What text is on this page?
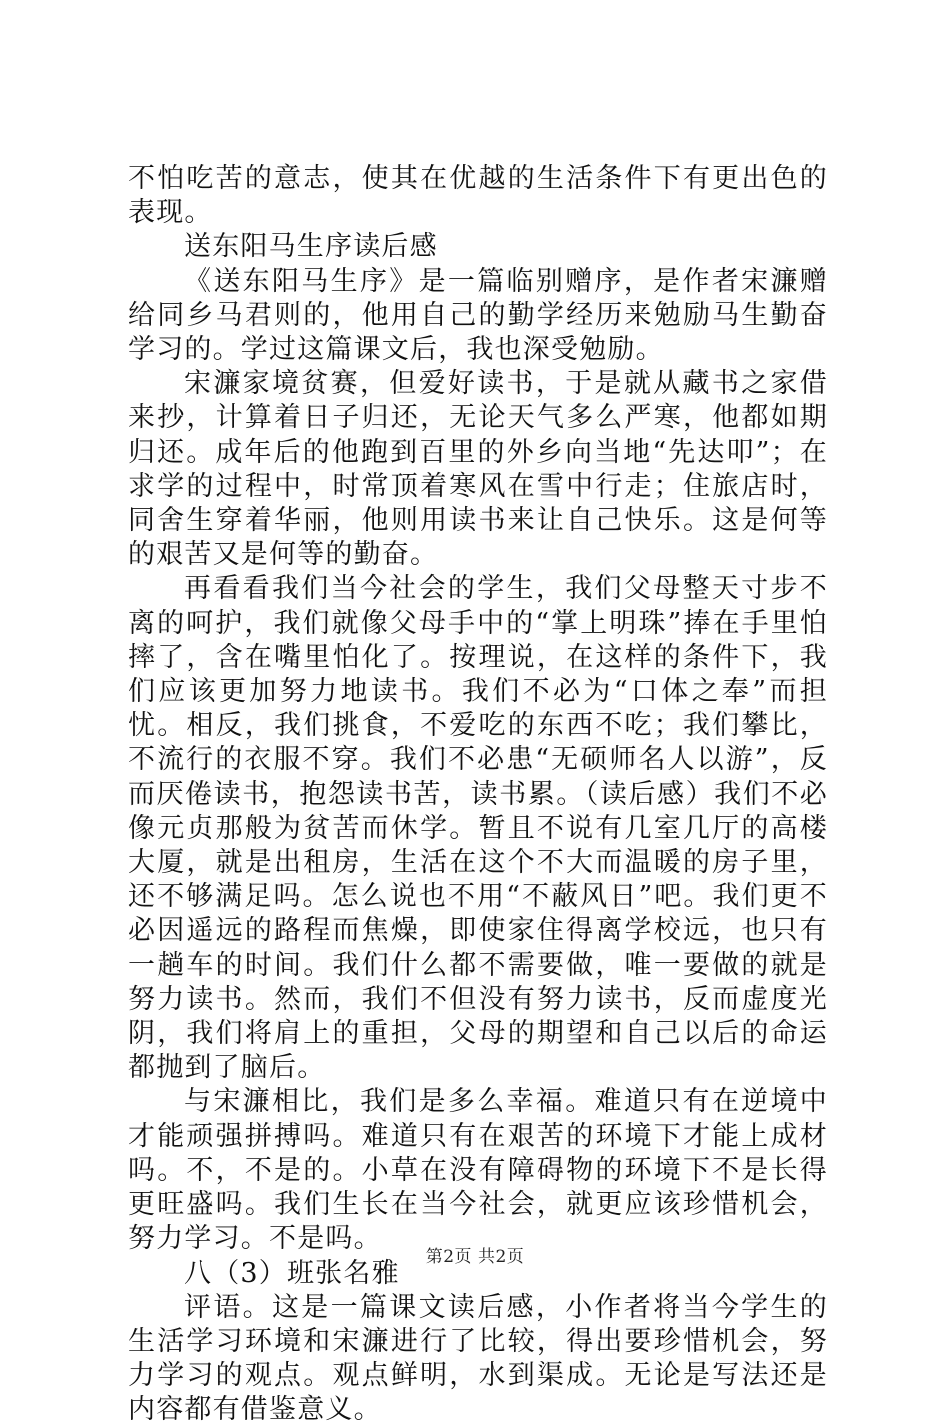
不怕吃苦的意志，使其在优越的生活条件下有更出色的表现。

送东阳马生序读后感

《送东阳马生序》是一篇临别赠序，是作者宋濂赠给同乡马君则的，他用自己的勤学经历来勉励马生勤奋学习的。学过这篇课文后，我也深受勉励。

宋濂家境贫赛，但爱好读书，于是就从藏书之家借来抄，计算着日子归还，无论天气多么严寒，他都如期归还。成年后的他跑到百里的外乡向当地“先达叩”；在求学的过程中，时常顶着寒风在雪中行走；住旅店时，同舍生穿着华丽，他则用读书来让自己快乐。这是何等的艰苦又是何等的勤奋。

再看看我们当今社会的学生，我们父母整天寸步不离的呵护，我们就像父母手中的“掌上明珠”捧在手里怕摔了，含在嘴里怕化了。按理说，在这样的条件下，我们应该更加努力地读书。我们不必为“口体之奉”而担忧。相反，我们挑食，不爱吃的东西不吃；我们攀比，不流行的衣服不穿。我们不必患“无硕师名人以游”，反而厌倦读书，抱怨读书苦，读书累。（读后感）我们不必像元贞那般为贫苦而休学。暂且不说有几室几厅的高楼大厦，就是出租房，生活在这个不大而温暖的房子里，还不够满足吗。怎么说也不用“不蔽风日”吧。我们更不必因遥远的路程而焦燥，即使家住得离学校远，也只有一趟车的时间。我们什么都不需要做，唯一要做的就是努力读书。然而，我们不但没有努力读书，反而虚度光阴，我们将肩上的重担，父母的期望和自己以后的命运都抛到了脑后。

与宋濂相比，我们是多么幸福。难道只有在逆境中才能顽强拼搏吗。难道只有在艰苦的环境下才能上成材吗。不，不是的。小草在没有障碍物的环境下不是长得更旺盛吗。我们生长在当今社会，就更应该珍惜机会，努力学习。不是吗。

八（3）班张名雅

评语。这是一篇课文读后感，小作者将当今学生的生活学习环境和宋濂进行了比较，得出要珍惜机会，努力学习的观点。观点鲜明，水到渠成。无论是写法还是内容都有借鉴意义。

第2页 共2页
